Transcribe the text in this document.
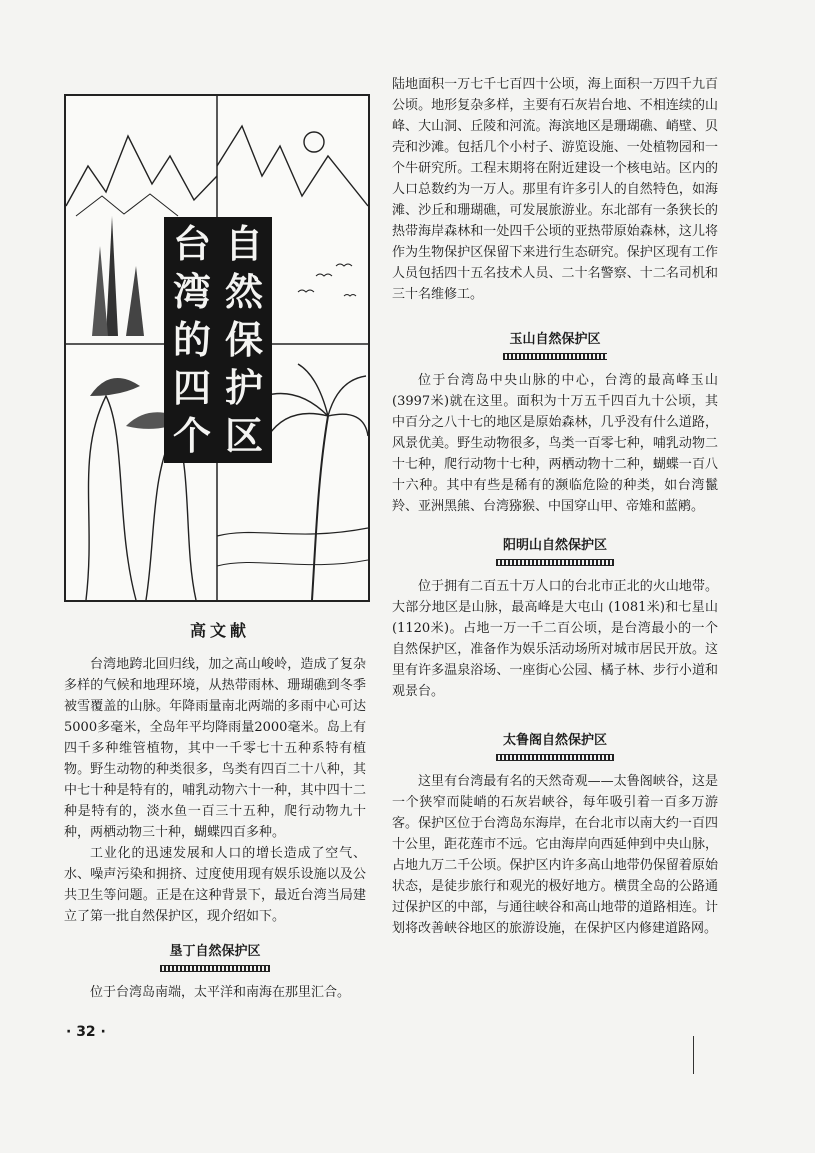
自
然
保
护
区
台
湾
的
四
个
高文献

台湾地跨北回归线，加之高山峻岭，造成了复杂多样的气候和地理环境，从热带雨林、珊瑚礁到冬季被雪覆盖的山脉。年降雨量南北两端的多雨中心可达5000多毫米，全岛年平均降雨量2000毫米。岛上有四千多种维管植物，其中一千零七十五种系特有植物。野生动物的种类很多，鸟类有四百二十八种，其中七十种是特有的，哺乳动物六十一种，其中四十二种是特有的，淡水鱼一百三十五种，爬行动物九十种，两栖动物三十种，蝴蝶四百多种。

工业化的迅速发展和人口的增长造成了空气、水、噪声污染和拥挤、过度使用现有娱乐设施以及公共卫生等问题。正是在这种背景下，最近台湾当局建立了第一批自然保护区，现介绍如下。

垦丁自然保护区

位于台湾岛南端，太平洋和南海在那里汇合。

陆地面积一万七千七百四十公顷，海上面积一万四千九百公顷。地形复杂多样，主要有石灰岩台地、不相连续的山峰、大山洞、丘陵和河流。海滨地区是珊瑚礁、峭壁、贝壳和沙滩。包括几个小村子、游览设施、一处植物园和一个牛研究所。工程末期将在附近建设一个核电站。区内的人口总数约为一万人。那里有许多引人的自然特色，如海滩、沙丘和珊瑚礁，可发展旅游业。东北部有一条狭长的热带海岸森林和一处四千公顷的亚热带原始森林，这儿将作为生物保护区保留下来进行生态研究。保护区现有工作人员包括四十五名技术人员、二十名警察、十二名司机和三十名维修工。

玉山自然保护区

位于台湾岛中央山脉的中心，台湾的最高峰玉山(3997米)就在这里。面积为十万五千四百九十公顷，其中百分之八十七的地区是原始森林，几乎没有什么道路，风景优美。野生动物很多，鸟类一百零七种，哺乳动物二十七种，爬行动物十七种，两栖动物十二种，蝴蝶一百八十六种。其中有些是稀有的濒临危险的种类，如台湾鬣羚、亚洲黑熊、台湾猕猴、中国穿山甲、帝雉和蓝鹇。

阳明山自然保护区

位于拥有二百五十万人口的台北市正北的火山地带。大部分地区是山脉，最高峰是大屯山 (1081米)和七星山(1120米)。占地一万一千二百公顷，是台湾最小的一个自然保护区，准备作为娱乐活动场所对城市居民开放。这里有许多温泉浴场、一座街心公园、橘子林、步行小道和观景台。

太鲁阁自然保护区

这里有台湾最有名的天然奇观——太鲁阁峡谷，这是一个狭窄而陡峭的石灰岩峡谷，每年吸引着一百多万游客。保护区位于台湾岛东海岸，在台北市以南大约一百四十公里，距花莲市不远。它由海岸向西延伸到中央山脉，占地九万二千公顷。保护区内许多高山地带仍保留着原始状态，是徒步旅行和观光的极好地方。横贯全岛的公路通过保护区的中部，与通往峡谷和高山地带的道路相连。计划将改善峡谷地区的旅游设施，在保护区内修建道路网。

· 32 ·
